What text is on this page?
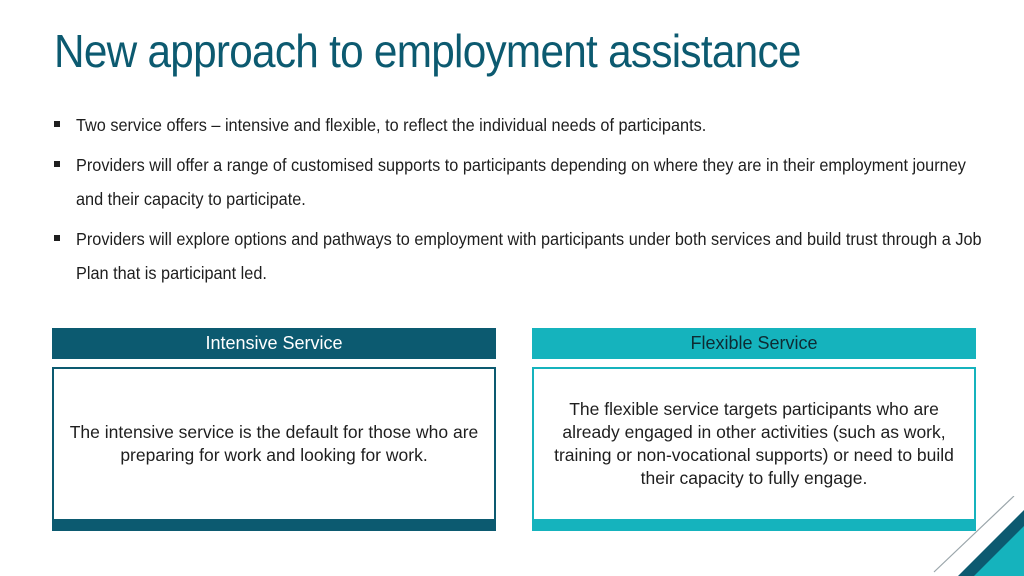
New approach to employment assistance
Two service offers – intensive and flexible, to reflect the individual needs of participants.
Providers will offer a range of customised supports to participants depending on where they are in their employment journey and their capacity to participate.
Providers will explore options and pathways to employment with participants under both services and build trust through a Job Plan that is participant led.
Intensive Service	Flexible Service
The intensive service is the default for those who are preparing for work and looking for work.
The flexible service targets participants who are already engaged in other activities (such as work, training or non-vocational supports) or need to build their capacity to fully engage.
